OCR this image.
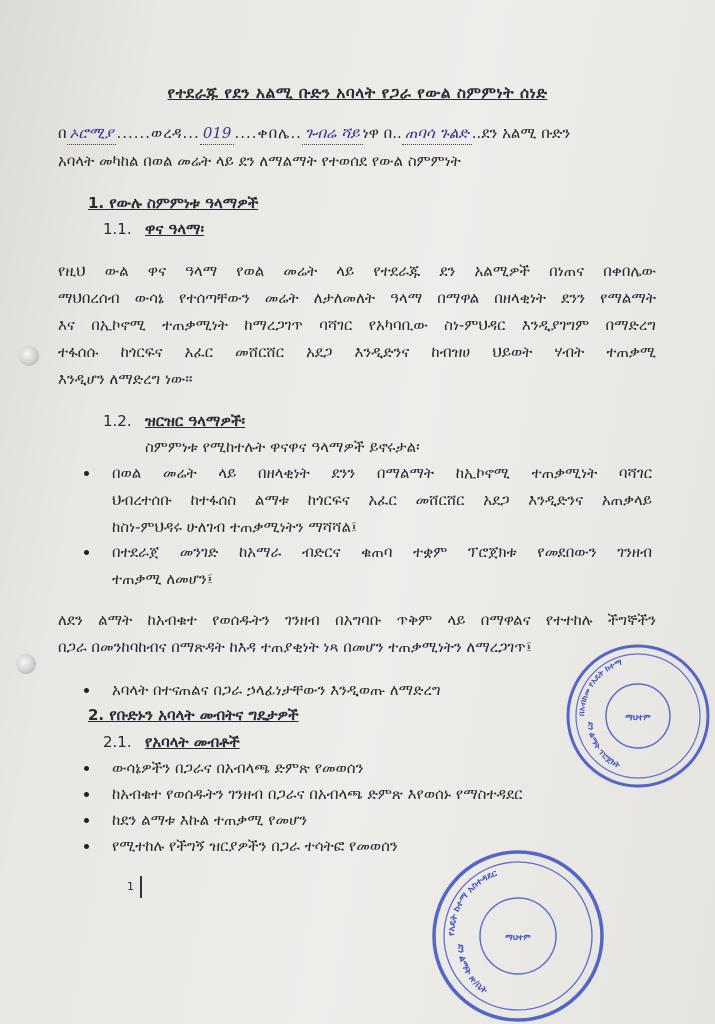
የተደራጁ የደን አልሚ ቡድን አባላት የጋራ የውል ስምምነት ሰነድ
በ ኦሮሚያ ......ወረዳ... 019 ....ቀበሌ.. ጉብሬ ሻይ ነዋ በ.. ጠባሳ ጉልድ ..ደን አልሚ ቡድን
አባላት መካከል በወል መሬት ላይ ደን ለማልማት የተወሰደ የውል ስምምነት
1. የውሉ ስምምነቱ ዓላማዎች
1.1. ዋና ዓላማ፡
የዚህ ውል ዋና ዓላማ የወል መሬት ላይ የተደራጁ ደን አልሚዎች በነጠና በቀበሌው
ማህበረሰብ ውሳኔ የተሰጣቸውን መሬት ለታለመለት ዓላማ በማዋል በዘላቂነት ደንን የማልማት
እና በኢኮኖሚ ተጠቃሚነት ከማረጋገጥ ባሻገር የአካባቢው ስነ-ምህዳር እንዲያገግም በማድረግ
ተፋሰሱ ከጎርፍና አፈር መሸርሸር አደጋ እንዲድንና ከብዝሀ ህይወት ሃብት ተጠቃሚ
እንዲሆን ለማድረግ ነው፡፡
1.2. ዝርዝር ዓላማዎች፡
ስምምነቱ የሚከተሉት ዋናዋና ዓላማዎች ይኖሩታል፡
በወል መሬት ላይ በዘላቂነት ደንን በማልማት ከኢኮኖሚ ተጠቃሚነት ባሻገር
ህብረተሰቡ ከተፋሰስ ልማቱ ከጎርፍና አፈር መሸርሸር አደጋ እንዲድንና አጠቃላይ
ከስነ-ምህዳሩ ሁለገብ ተጠቃሚነትን ማሻሻል፤
በተደራጀ መንገድ ከአማራ ብድርና ቁጠባ ተቋም ፕሮጀክቱ የመደበውን ገንዘብ
ተጠቃሚ ለመሆን፤
ለደን ልማት ከአብቁተ የወሰዱትን ገንዘብ በአግባቡ ጥቅም ላይ በማዋልና የተተከሉ ችግኞችን
በጋራ በመንከባከብና በማጽዳት ከእዳ ተጠያቂነት ነጻ በመሆን ተጠቃሚነትን ለማረጋገጥ፤
አባላት በተናጠልና በጋራ ኃላፊነታቸውን እንዲወጡ ለማድረግ
2. የቡድኑን አባላት መብትና ግዴታዎች
2.1. የአባላት መብቶች
ውሳኔዎችን በጋራና በአብላጫ ድምጽ የመወሰን
ከአብቁተ የወሰዱትን ገንዘብ በጋራና በአብላጫ ድምጽ እየወሰኑ የማስተዳደር
ከደን ልማቱ እኩል ተጠቃሚ የመሆን
የሚተከሉ የችግኝ ዝርያዎችን በጋራ ተሳትፎ የመወሰን
1
በአብክመ የአዴት ከተማ
ደን ልማት ፕሮጀክት
ማህተም
የአዴት ከተማ አስተዳደር
ደን ልማት ጽ/ቤት
ማህተም
